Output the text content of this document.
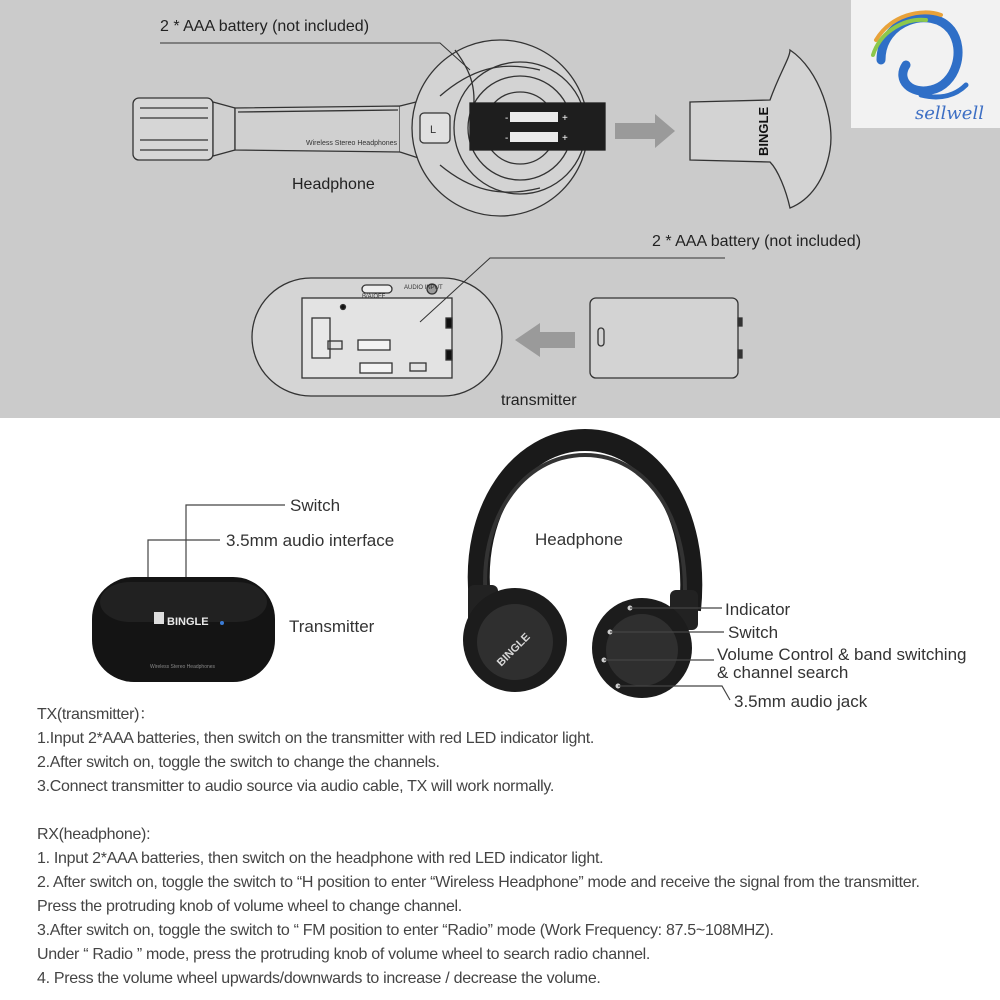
-	+
-	+
Wireless Stereo Headphones
L	BINGLE
B/A/OFF
AUDIO INPUT
2 * AAA battery (not included)
Headphone
2 * AAA battery (not included)
transmitter
sellwell
Wireless Stereo Headphones
Switch
3.5mm audio interface
Transmitter
Headphone
Indicator
Switch
Volume Control & band switching
& channel search
3.5mm audio jack
BINGLE
BINGLE
TX(transmitter)：
1.Input 2*AAA batteries, then switch on the transmitter with red LED indicator light.
2.After switch on, toggle the switch to change the channels.
3.Connect transmitter to audio source via audio cable, TX will work normally.
RX(headphone):
1. Input 2*AAA batteries, then switch on the headphone with red LED indicator light.
2. After switch on, toggle the switch to “H position to enter “Wireless Headphone” mode and receive the signal from the transmitter.
Press the protruding knob of volume wheel to change channel.
3.After switch on, toggle the switch to “ FM position to enter “Radio” mode (Work Frequency: 87.5~108MHZ).
Under “ Radio ” mode, press the protruding knob of volume wheel to search radio channel.
4. Press the volume wheel upwards/downwards to increase / decrease the volume.
